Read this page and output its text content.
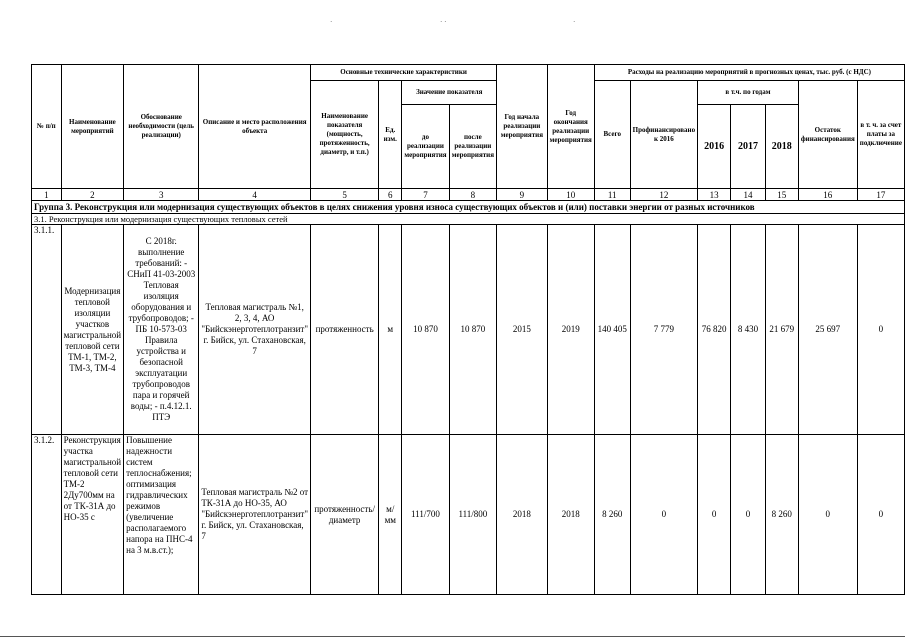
·	· ·	·
№ п/п	Наименование мероприятий	Обоснование необходимости (цель реализации)	Описание и место расположения объекта	Основные технические характеристики				Год начала реализации мероприятия	Год окончания реализации мероприятия	Расходы на реализацию мероприятий в прогнозных ценах, тыс. руб. (с НДС)						
				Наименование показателя (мощность, протяженность, диаметр, и т.п.)	Ед. изм.	Значение показателя				Всего	Профинансировано к 2016	в т.ч. по годам			Остаток финансирования	в т. ч. за счет платы за подключение
						до реализации мероприятия	после реализации мероприятия					2016	2017	2018		
1	2	3	4	5	6	7	8	9	10	11	12	13	14	15	16	17
Группа 3. Реконструкция или модернизация существующих объектов в целях снижения уровня износа существующих объектов и (или) поставки энергии от разных источников																
3.1. Реконструкция или модернизация существующих тепловых сетей																
3.1.1.	Модернизация тепловой изоляции участков магистральной тепловой сети ТМ-1, ТМ-2, ТМ-3, ТМ-4	С 2018г. выполнение требований: - СНиП 41-03-2003 Тепловая изоляция оборудования и трубопроводов; - ПБ 10-573-03 Правила устройства и безопасной эксплуатации трубопроводов пара и горячей воды; - п.4.12.1. ПТЭ	Тепловая магистраль №1, 2, 3, 4, АО "Бийскэнерготеплотранзит" г. Бийск, ул. Стахановская, 7	протяженность	м	10 870	10 870	2015	2019	140 405	7 779	76 820	8 430	21 679	25 697	0
3.1.2.	Реконструкция участка магистральной тепловой сети ТМ-2 2Ду700мм на от ТК-31А до НО-35 с	Повышение надежности систем теплоснабжения; оптимизация гидравлических режимов (увеличение располагаемого напора на ПНС-4 на 3 м.в.ст.);	Тепловая магистраль №2 от ТК-31А до НО-35, АО "Бийскэнерготеплотранзит" г. Бийск, ул. Стахановская, 7	протяженность/диаметр	м/мм	111/700	111/800	2018	2018	8 260	0	0	0	8 260	0	0
